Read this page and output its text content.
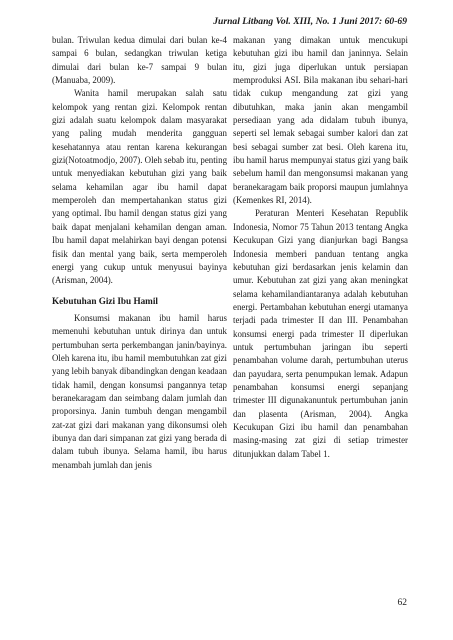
Jurnal Litbang Vol. XIII, No. 1 Juni 2017: 60-69

bulan. Triwulan kedua dimulai dari bulan ke-4 sampai 6 bulan, sedangkan triwulan ketiga dimulai dari bulan ke-7 sampai 9 bulan (Manuaba, 2009).

Wanita hamil merupakan salah satu kelompok yang rentan gizi. Kelompok rentan gizi adalah suatu kelompok dalam masyarakat yang paling mudah menderita gangguan kesehatannya atau rentan karena kekurangan gizi(Notoatmodjo, 2007). Oleh sebab itu, penting untuk menyediakan kebutuhan gizi yang baik selama kehamilan agar ibu hamil dapat memperoleh dan mempertahankan status gizi yang optimal. Ibu hamil dengan status gizi yang baik dapat menjalani kehamilan dengan aman. Ibu hamil dapat melahirkan bayi dengan potensi fisik dan mental yang baik, serta memperoleh energi yang cukup untuk menyusui bayinya (Arisman, 2004).

Kebutuhan Gizi Ibu Hamil

Konsumsi makanan ibu hamil harus memenuhi kebutuhan untuk dirinya dan untuk pertumbuhan serta perkembangan janin/bayinya. Oleh karena itu, ibu hamil membutuhkan zat gizi yang lebih banyak dibandingkan dengan keadaan tidak hamil, dengan konsumsi pangannya tetap beranekaragam dan seimbang dalam jumlah dan proporsinya. Janin tumbuh dengan mengambil zat-zat gizi dari makanan yang dikonsumsi oleh ibunya dan dari simpanan zat gizi yang berada di dalam tubuh ibunya. Selama hamil, ibu harus menambah jumlah dan jenis

makanan yang dimakan untuk mencukupi kebutuhan gizi ibu hamil dan janinnya. Selain itu, gizi juga diperlukan untuk persiapan memproduksi ASI. Bila makanan ibu sehari-hari tidak cukup mengandung zat gizi yang dibutuhkan, maka janin akan mengambil persediaan yang ada didalam tubuh ibunya, seperti sel lemak sebagai sumber kalori dan zat besi sebagai sumber zat besi. Oleh karena itu, ibu hamil harus mempunyai status gizi yang baik sebelum hamil dan mengonsumsi makanan yang beranekaragam baik proporsi maupun jumlahnya (Kemenkes RI, 2014).

Peraturan Menteri Kesehatan Republik Indonesia, Nomor 75 Tahun 2013 tentang Angka Kecukupan Gizi yang dianjurkan bagi Bangsa Indonesia memberi panduan tentang angka kebutuhan gizi berdasarkan jenis kelamin dan umur. Kebutuhan zat gizi yang akan meningkat selama kehamilandiantaranya adalah kebutuhan energi. Pertambahan kebutuhan energi utamanya terjadi pada trimester II dan III. Penambahan konsumsi energi pada trimester II diperlukan untuk pertumbuhan jaringan ibu seperti penambahan volume darah, pertumbuhan uterus dan payudara, serta penumpukan lemak. Adapun penambahan konsumsi energi sepanjang trimester III digunakanuntuk pertumbuhan janin dan plasenta (Arisman, 2004). Angka Kecukupan Gizi ibu hamil dan penambahan masing-masing zat gizi di setiap trimester ditunjukkan dalam Tabel 1.

62
